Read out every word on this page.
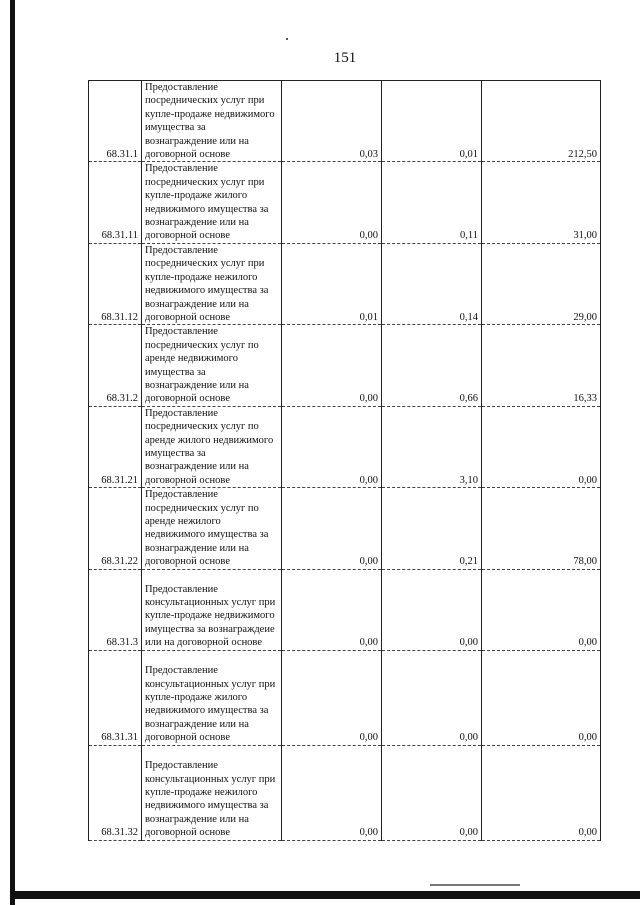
151
68.31.1	Предоставление посреднических услуг при купле-продаже недвижимого имущества за вознаграждение или на договорной основе	0,03	0,01	212,50
68.31.11	Предоставление посреднических услуг при купле-продаже жилого недвижимого имущества за вознаграждение или на договорной основе	0,00	0,11	31,00
68.31.12	Предоставление посреднических услуг при купле-продаже нежилого недвижимого имущества за вознаграждение или на договорной основе	0,01	0,14	29,00
68.31.2	Предоставление посреднических услуг по аренде недвижимого имущества за вознаграждение или на договорной основе	0,00	0,66	16,33
68.31.21	Предоставление посреднических услуг по аренде жилого недвижимого имущества за вознаграждение или на договорной основе	0,00	3,10	0,00
68.31.22	Предоставление посреднических услуг по аренде нежилого недвижимого имущества за вознаграждение или на договорной основе	0,00	0,21	78,00
68.31.3	Предоставление консультационных услуг при купле-продаже недвижимого имущества за вознаграждеие или на договорной основе	0,00	0,00	0,00
68.31.31	Предоставление консультационных услуг при купле-продаже жилого недвижимого имущества за вознаграждение или на договорной основе	0,00	0,00	0,00
68.31.32	Предоставление консультационных услуг при купле-продаже нежилого недвижимого имущества за вознаграждение или на договорной основе	0,00	0,00	0,00
